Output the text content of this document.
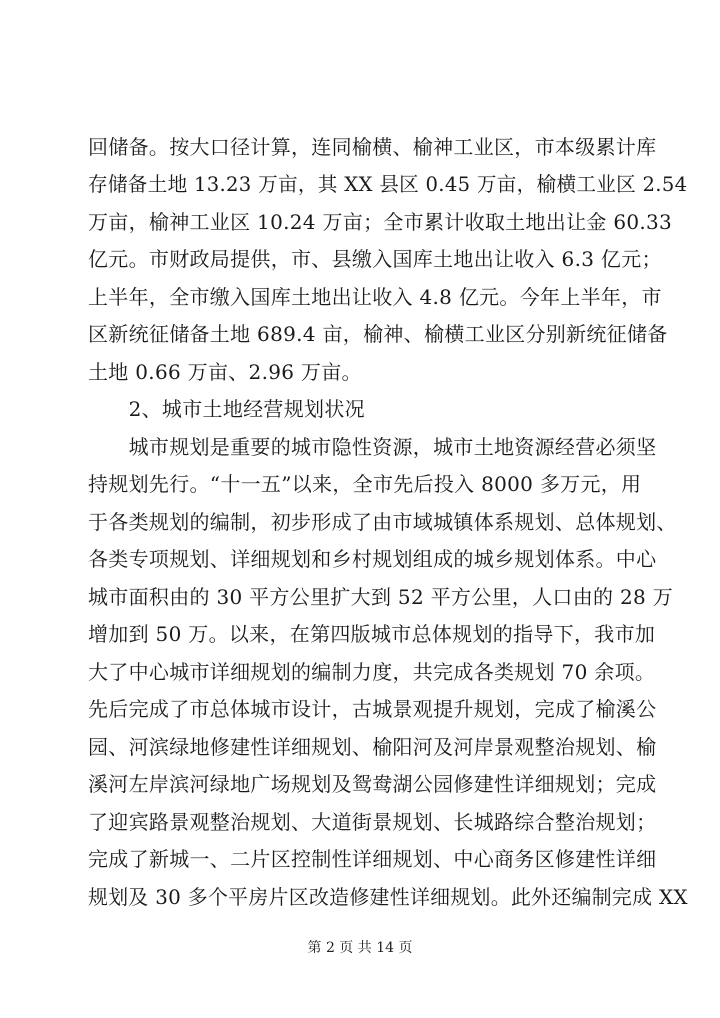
回储备。按大口径计算，连同榆横、榆神工业区，市本级累计库
存储备土地 13.23 万亩，其 XX 县区 0.45 万亩，榆横工业区 2.54
万亩，榆神工业区 10.24 万亩；全市累计收取土地出让金 60.33
亿元。市财政局提供，市、县缴入国库土地出让收入 6.3 亿元；
上半年，全市缴入国库土地出让收入 4.8 亿元。今年上半年，市
区新统征储备土地 689.4 亩，榆神、榆横工业区分别新统征储备
土地 0.66 万亩、2.96 万亩。
　　2、城市土地经营规划状况
　　城市规划是重要的城市隐性资源，城市土地资源经营必须坚
持规划先行。“十一五”以来，全市先后投入 8000 多万元，用
于各类规划的编制，初步形成了由市域城镇体系规划、总体规划、
各类专项规划、详细规划和乡村规划组成的城乡规划体系。中心
城市面积由的 30 平方公里扩大到 52 平方公里，人口由的 28 万
增加到 50 万。以来，在第四版城市总体规划的指导下，我市加
大了中心城市详细规划的编制力度，共完成各类规划 70 余项。
先后完成了市总体城市设计，古城景观提升规划，完成了榆溪公
园、河滨绿地修建性详细规划、榆阳河及河岸景观整治规划、榆
溪河左岸滨河绿地广场规划及鸳鸯湖公园修建性详细规划；完成
了迎宾路景观整治规划、大道街景规划、长城路综合整治规划；
完成了新城一、二片区控制性详细规划、中心商务区修建性详细
规划及 30 多个平房片区改造修建性详细规划。此外还编制完成 XX
第 2 页 共 14 页
